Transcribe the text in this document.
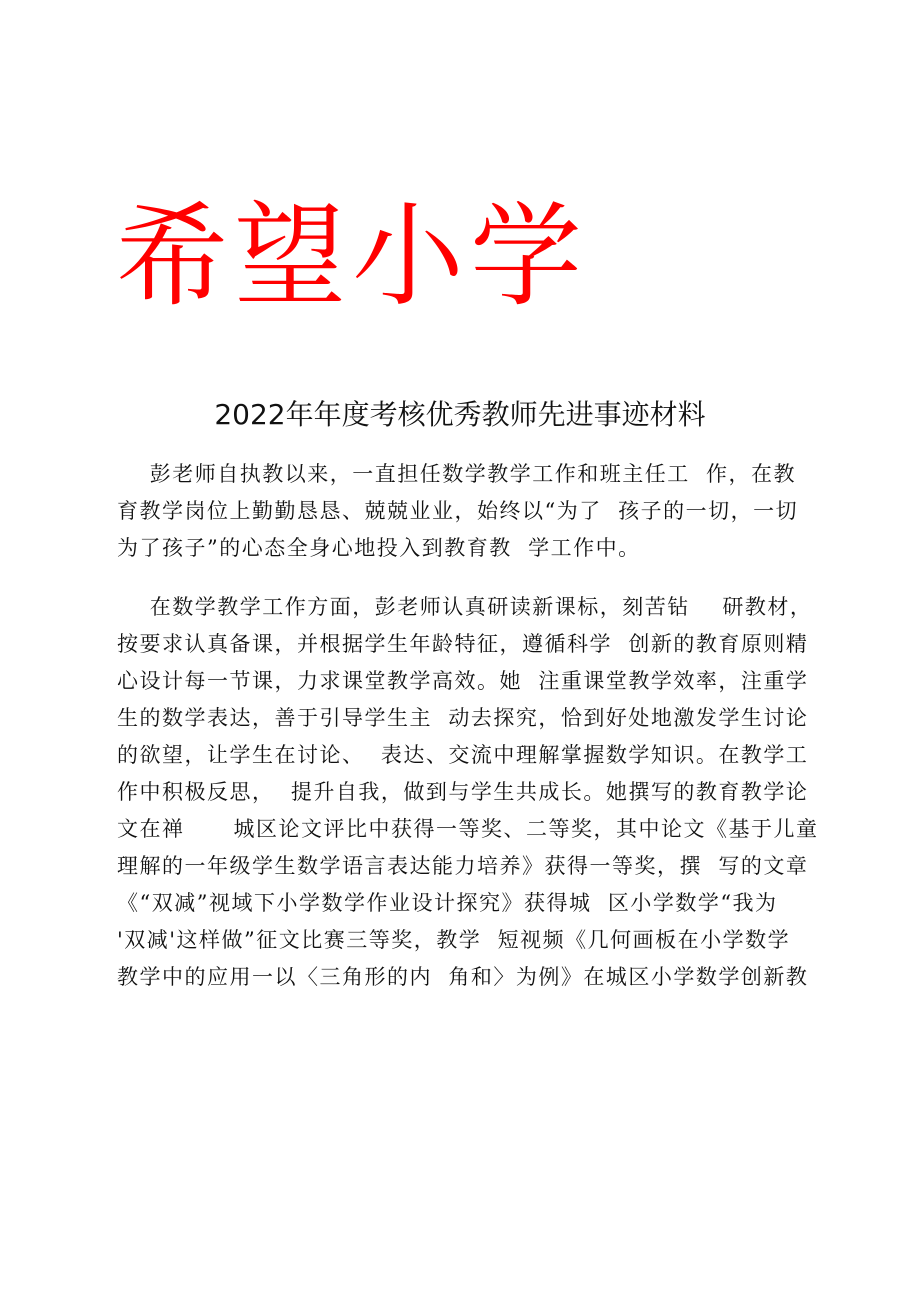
希望小学
2022年年度考核优秀教师先进事迹材料
彭老师自执教以来，一直担任数学教学工作和班主任工  作，在教
育教学岗位上勤勤恳恳、兢兢业业，始终以“为了  孩子的一切，一切
为了孩子”的心态全身心地投入到教育教  学工作中。
在数学教学工作方面，彭老师认真研读新课标，刻苦钻    研教材，
按要求认真备课，并根据学生年龄特征，遵循科学  创新的教育原则精
心设计每一节课，力求课堂教学高效。她  注重课堂教学效率，注重学
生的数学表达，善于引导学生主  动去探究，恰到好处地激发学生讨论
的欲望，让学生在讨论、  表达、交流中理解掌握数学知识。在教学工
作中积极反思，  提升自我，做到与学生共成长。她撰写的教育教学论
文在禅      城区论文评比中获得一等奖、二等奖，其中论文《基于儿童
理解的一年级学生数学语言表达能力培养》获得一等奖，撰  写的文章
《“双减”视域下小学数学作业设计探究》获得城  区小学数学“我为
'双减'这样做”征文比赛三等奖，教学  短视频《几何画板在小学数学
教学中的应用一以〈三角形的内  角和〉为例》在城区小学数学创新教
